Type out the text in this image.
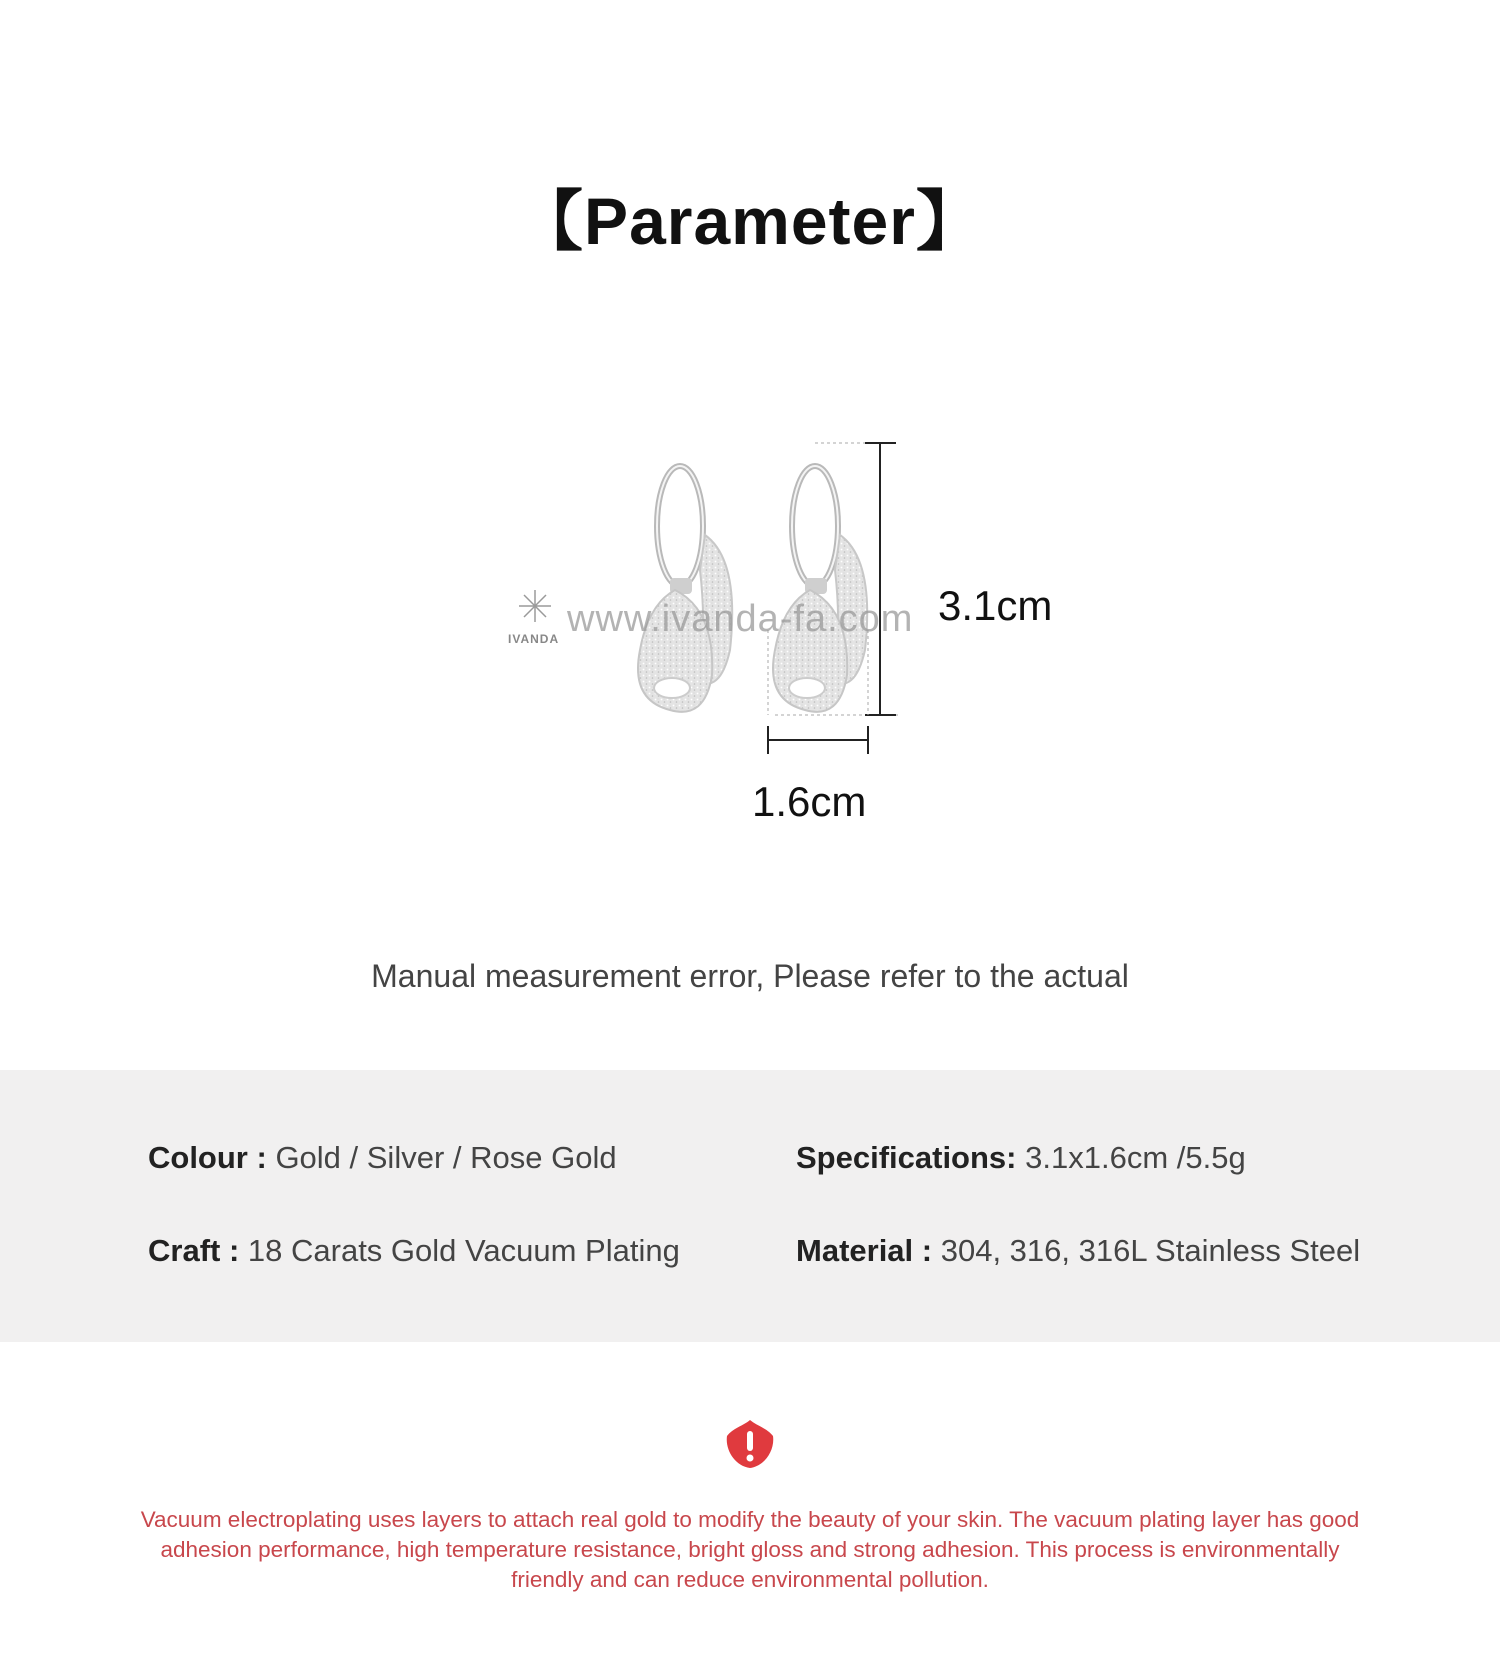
【Parameter】
www.ivanda-fa.com
IVANDA
3.1cm
1.6cm
Manual measurement error, Please refer to the actual
Colour : Gold / Silver / Rose Gold	Specifications: 3.1x1.6cm /5.5g
Craft : 18 Carats Gold Vacuum Plating	Material : 304, 316, 316L Stainless Steel
Vacuum electroplating uses layers to attach real gold to modify the beauty of your skin. The vacuum plating layer has good adhesion performance, high temperature resistance, bright gloss and strong adhesion. This process is environmentally friendly and can reduce environmental pollution.
